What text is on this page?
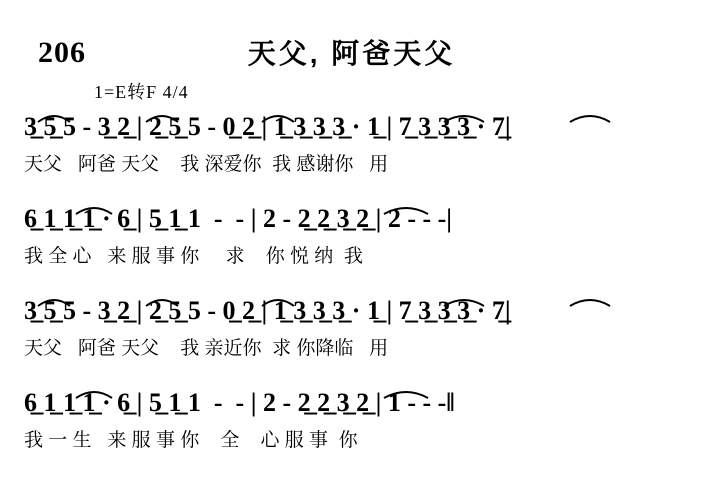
206	天父, 阿爸天父
1=E转F 4/4
3̲ 5̲ 5 - 3̲ 2̲ | 2̲ 5̲ 5 - 0̲ 2̲ | 1̲ 3̲ 3̲ 3̲ · 1̲ | 7̲ 3̲ 3̲ 3̲ · 7̲|
天父   阿爸 天父    我 深爱你  我 感谢你   用
6̲ 1̲ 1̲ 1̲ · 6̲ | 5̲ 1̲ 1  -  - | 2 - 2̲ 2̲ 3̲ 2̲ | 2 - - -|
我 全 心   来 服 事 你     求    你 悦 纳  我
3̲ 5̲ 5 - 3̲ 2̲ | 2̲ 5̲ 5 - 0̲ 2̲ | 1̲ 3̲ 3̲ 3̲ · 1̲ | 7̲ 3̲ 3̲ 3̲ · 7̲|
天父   阿爸 天父    我 亲近你  求 你降临   用
6̲ 1̲ 1̲ 1̲ · 6̲ | 5̲ 1̲ 1  -  - | 2 - 2̲ 2̲ 3̲ 2̲ | 1 - - -‖
我 一 生   来 服 事 你    全    心 服 事  你
